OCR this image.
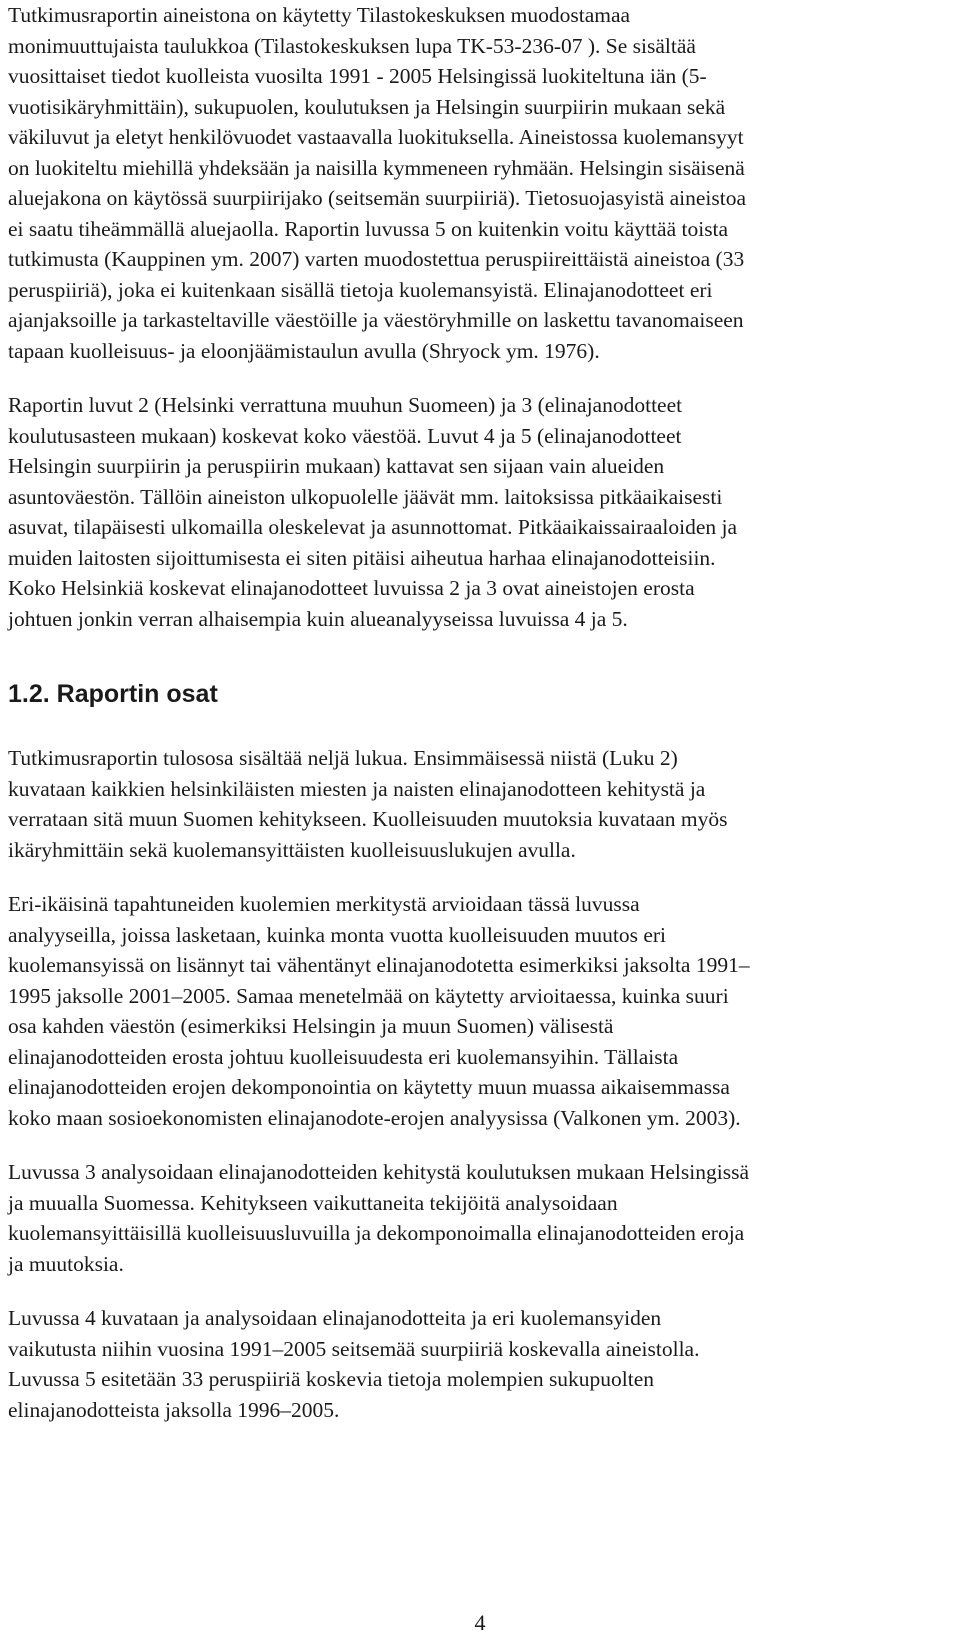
Tutkimusraportin aineistona on käytetty Tilastokeskuksen muodostamaa
monimuuttujaista taulukkoa (Tilastokeskuksen lupa TK-53-236-07 ). Se sisältää
vuosittaiset tiedot kuolleista vuosilta 1991 - 2005 Helsingissä luokiteltuna iän (5-
vuotisikäryhmittäin), sukupuolen, koulutuksen ja Helsingin suurpiirin mukaan sekä
väkiluvut ja eletyt henkilövuodet vastaavalla luokituksella. Aineistossa kuolemansyyt
on luokiteltu miehillä yhdeksään ja naisilla kymmeneen ryhmään. Helsingin sisäisenä
aluejakona on käytössä suurpiirijako (seitsemän suurpiiriä). Tietosuojasyistä aineistoa
ei saatu tiheämmällä aluejaolla. Raportin luvussa 5 on kuitenkin voitu käyttää toista
tutkimusta (Kauppinen ym. 2007) varten muodostettua peruspiireittäistä aineistoa (33
peruspiiriä), joka ei kuitenkaan sisällä tietoja kuolemansyistä. Elinajanodotteet eri
ajanjaksoille ja tarkasteltaville väestöille ja väestöryhmille on laskettu tavanomaiseen
tapaan kuolleisuus- ja eloonjäämistaulun avulla (Shryock ym. 1976).
Raportin luvut 2 (Helsinki verrattuna muuhun Suomeen) ja 3 (elinajanodotteet
koulutusasteen mukaan) koskevat koko väestöä. Luvut 4 ja 5 (elinajanodotteet
Helsingin suurpiirin ja peruspiirin mukaan) kattavat sen sijaan vain alueiden
asuntoväestön. Tällöin aineiston ulkopuolelle jäävät mm. laitoksissa pitkäaikaisesti
asuvat, tilapäisesti ulkomailla oleskelevat ja asunnottomat. Pitkäaikaissairaaloiden ja
muiden laitosten sijoittumisesta ei siten pitäisi aiheutua harhaa elinajanodotteisiin.
Koko Helsinkiä koskevat elinajanodotteet luvuissa 2 ja 3 ovat aineistojen erosta
johtuen jonkin verran alhaisempia kuin alueanalyyseissa luvuissa 4 ja 5.
1.2. Raportin osat
Tutkimusraportin tulososa sisältää neljä lukua. Ensimmäisessä niistä (Luku 2)
kuvataan kaikkien helsinkiläisten miesten ja naisten elinajanodotteen kehitystä ja
verrataan sitä muun Suomen kehitykseen. Kuolleisuuden muutoksia kuvataan myös
ikäryhmittäin sekä kuolemansyittäisten kuolleisuuslukujen avulla.
Eri-ikäisinä tapahtuneiden kuolemien merkitystä arvioidaan tässä luvussa
analyyseilla, joissa lasketaan, kuinka monta vuotta kuolleisuuden muutos eri
kuolemansyissä on lisännyt tai vähentänyt elinajanodotetta esimerkiksi jaksolta 1991–
1995 jaksolle 2001–2005. Samaa menetelmää on käytetty arvioitaessa, kuinka suuri
osa kahden väestön (esimerkiksi Helsingin ja muun Suomen) välisestä
elinajanodotteiden erosta johtuu kuolleisuudesta eri kuolemansyihin. Tällaista
elinajanodotteiden erojen dekomponointia on käytetty muun muassa aikaisemmassa
koko maan sosioekonomisten elinajanodote-erojen analyysissa (Valkonen ym. 2003).
Luvussa 3 analysoidaan elinajanodotteiden kehitystä koulutuksen mukaan Helsingissä
ja muualla Suomessa. Kehitykseen vaikuttaneita tekijöitä analysoidaan
kuolemansyittäisillä kuolleisuusluvuilla ja dekomponoimalla elinajanodotteiden eroja
ja muutoksia.
Luvussa 4 kuvataan ja analysoidaan elinajanodotteita ja eri kuolemansyiden
vaikutusta niihin vuosina 1991–2005 seitsemää suurpiiriä koskevalla aineistolla.
Luvussa 5 esitetään 33 peruspiiriä koskevia tietoja molempien sukupuolten
elinajanodotteista jaksolla 1996–2005.
4
